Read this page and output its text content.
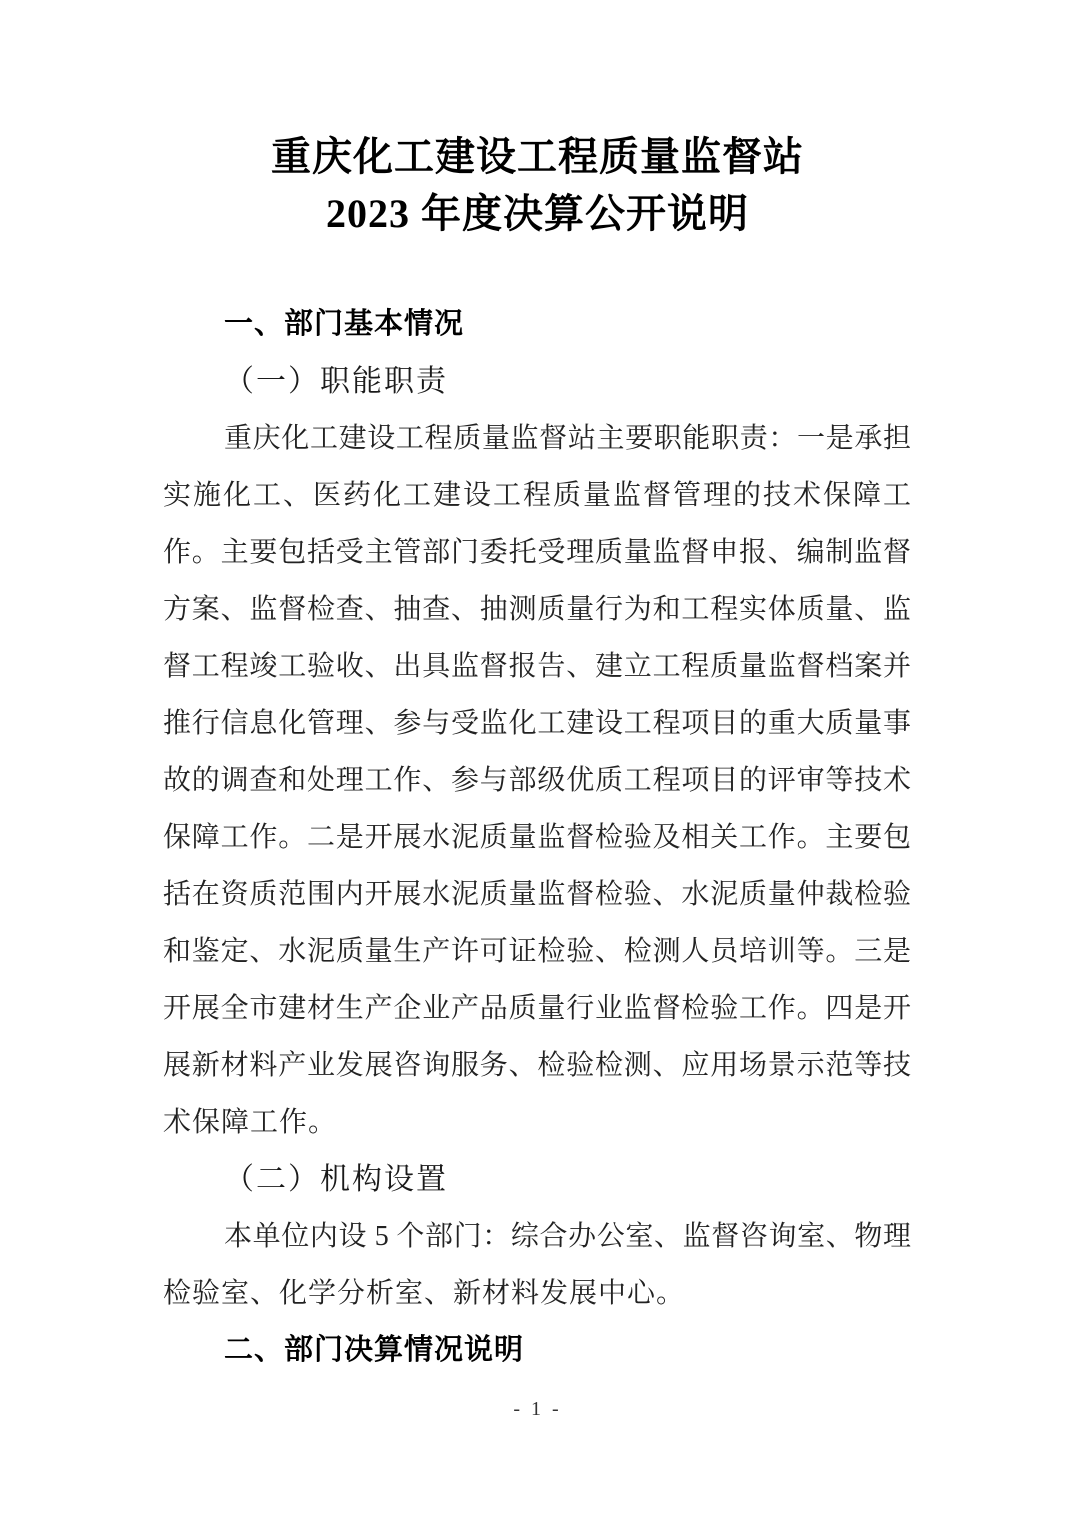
重庆化工建设工程质量监督站
2023 年度决算公开说明
一、部门基本情况
（一）职能职责
重庆化工建设工程质量监督站主要职能职责：一是承担
实施化工、医药化工建设工程质量监督管理的技术保障工
作。主要包括受主管部门委托受理质量监督申报、编制监督
方案、监督检查、抽查、抽测质量行为和工程实体质量、监
督工程竣工验收、出具监督报告、建立工程质量监督档案并
推行信息化管理、参与受监化工建设工程项目的重大质量事
故的调查和处理工作、参与部级优质工程项目的评审等技术
保障工作。二是开展水泥质量监督检验及相关工作。主要包
括在资质范围内开展水泥质量监督检验、水泥质量仲裁检验
和鉴定、水泥质量生产许可证检验、检测人员培训等。三是
开展全市建材生产企业产品质量行业监督检验工作。四是开
展新材料产业发展咨询服务、检验检测、应用场景示范等技
术保障工作。
（二）机构设置
本单位内设 5 个部门：综合办公室、监督咨询室、物理
检验室、化学分析室、新材料发展中心。
二、部门决算情况说明
- 1 -
